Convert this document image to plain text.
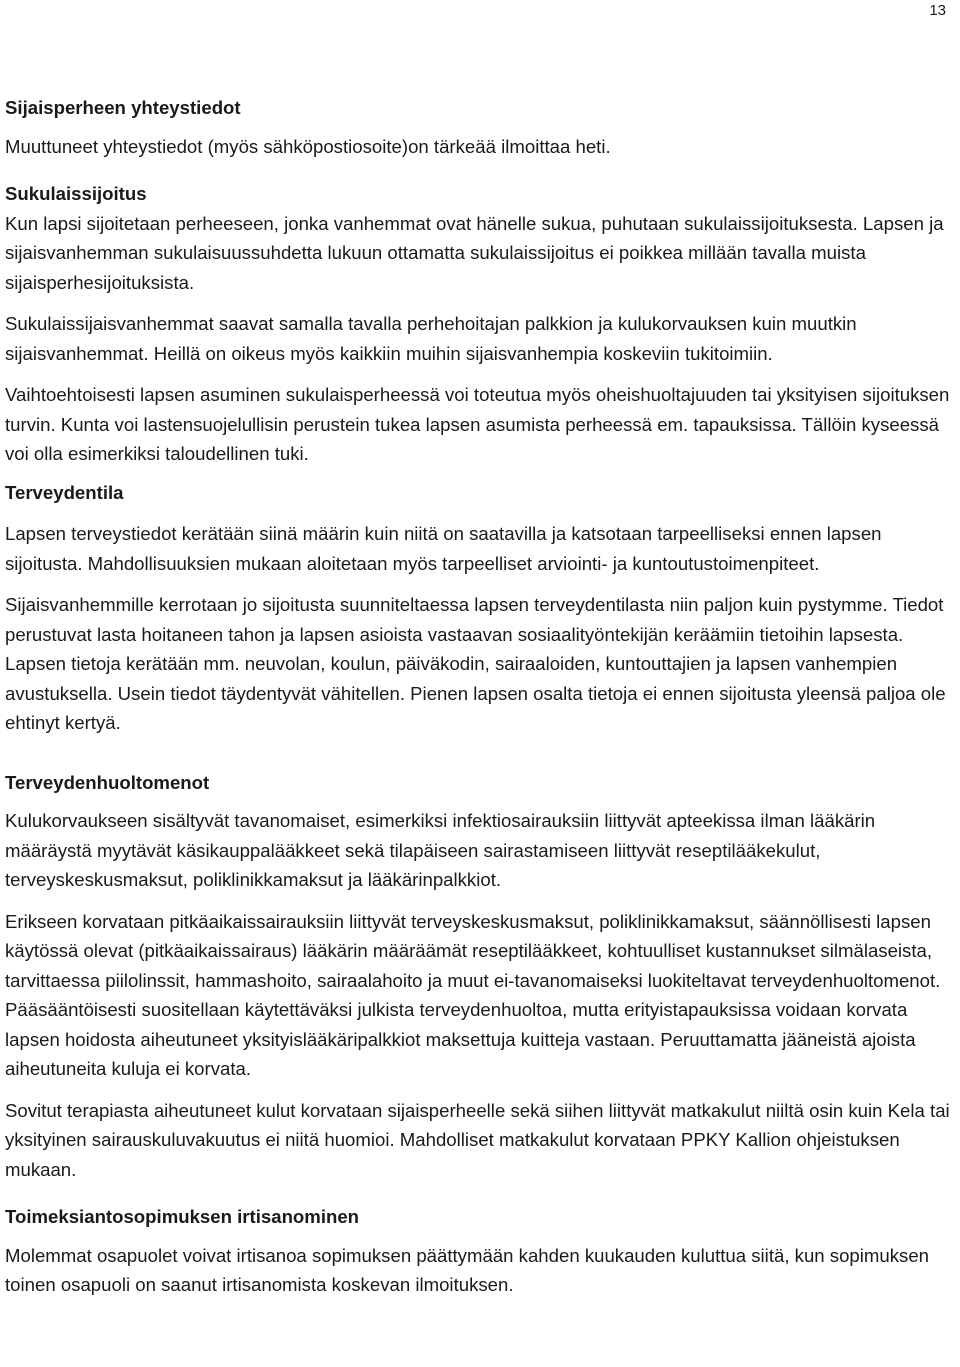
13
Sijaisperheen yhteystiedot

Muuttuneet yhteystiedot (myös sähköpostiosoite)on tärkeää ilmoittaa heti.

Sukulaissijoitus

Kun lapsi sijoitetaan perheeseen, jonka vanhemmat ovat hänelle sukua, puhutaan sukulaissijoituksesta. Lapsen ja sijaisvanhemman sukulaisuussuhdetta lukuun ottamatta sukulaissijoitus ei poikkea millään tavalla muista sijaisperhesijoituksista.

Sukulaissijaisvanhemmat saavat samalla tavalla perhehoitajan palkkion ja kulukorvauksen kuin muutkin sijaisvanhemmat. Heillä on oikeus myös kaikkiin muihin sijaisvanhempia koskeviin tukitoimiin.

Vaihtoehtoisesti lapsen asuminen sukulaisperheessä voi toteutua myös oheishuoltajuuden tai yksityisen sijoituksen turvin. Kunta voi lastensuojelullisin perustein tukea lapsen asumista perheessä em. tapauksissa. Tällöin kyseessä voi olla esimerkiksi taloudellinen tuki.

Terveydentila

Lapsen terveystiedot kerätään siinä määrin kuin niitä on saatavilla ja katsotaan tarpeelliseksi ennen lapsen sijoitusta. Mahdollisuuksien mukaan aloitetaan myös tarpeelliset arviointi- ja kuntoutustoimenpiteet.

Sijaisvanhemmille kerrotaan jo sijoitusta suunniteltaessa lapsen terveydentilasta niin paljon kuin pystymme. Tiedot perustuvat lasta hoitaneen tahon ja lapsen asioista vastaavan sosiaalityöntekijän keräämiin tietoihin lapsesta. Lapsen tietoja kerätään mm. neuvolan, koulun, päiväkodin, sairaaloiden, kuntouttajien ja lapsen vanhempien avustuksella. Usein tiedot täydentyvät vähitellen. Pienen lapsen osalta tietoja ei ennen sijoitusta yleensä paljoa ole ehtinyt kertyä.

Terveydenhuoltomenot

Kulukorvaukseen sisältyvät tavanomaiset, esimerkiksi infektiosairauksiin liittyvät apteekissa ilman lääkärin määräystä myytävät käsikauppalääkkeet sekä tilapäiseen sairastamiseen liittyvät reseptilääkekulut, terveyskeskusmaksut, poliklinikkamaksut ja lääkärinpalkkiot.

Erikseen korvataan pitkäaikaissairauksiin liittyvät terveyskeskusmaksut, poliklinikkamaksut, säännöllisesti lapsen käytössä olevat (pitkäaikaissairaus) lääkärin määräämät reseptilääkkeet, kohtuulliset kustannukset silmälaseista, tarvittaessa piilolinssit, hammashoito, sairaalahoito ja muut ei-tavanomaiseksi luokiteltavat terveydenhuoltomenot. Pääsääntöisesti suositellaan käytettäväksi julkista terveydenhuoltoa, mutta erityistapauksissa voidaan korvata lapsen hoidosta aiheutuneet yksityislääkäripalkkiot maksettuja kuitteja vastaan. Peruuttamatta jääneistä ajoista aiheutuneita kuluja ei korvata.

Sovitut terapiasta aiheutuneet kulut korvataan sijaisperheelle sekä siihen liittyvät matkakulut niiltä osin kuin Kela tai yksityinen sairauskuluvakuutus ei niitä huomioi. Mahdolliset matkakulut korvataan PPKY Kallion ohjeistuksen mukaan.

Toimeksiantosopimuksen irtisanominen

Molemmat osapuolet voivat irtisanoa sopimuksen päättymään kahden kuukauden kuluttua siitä, kun sopimuksen toinen osapuoli on saanut irtisanomista koskevan ilmoituksen.
